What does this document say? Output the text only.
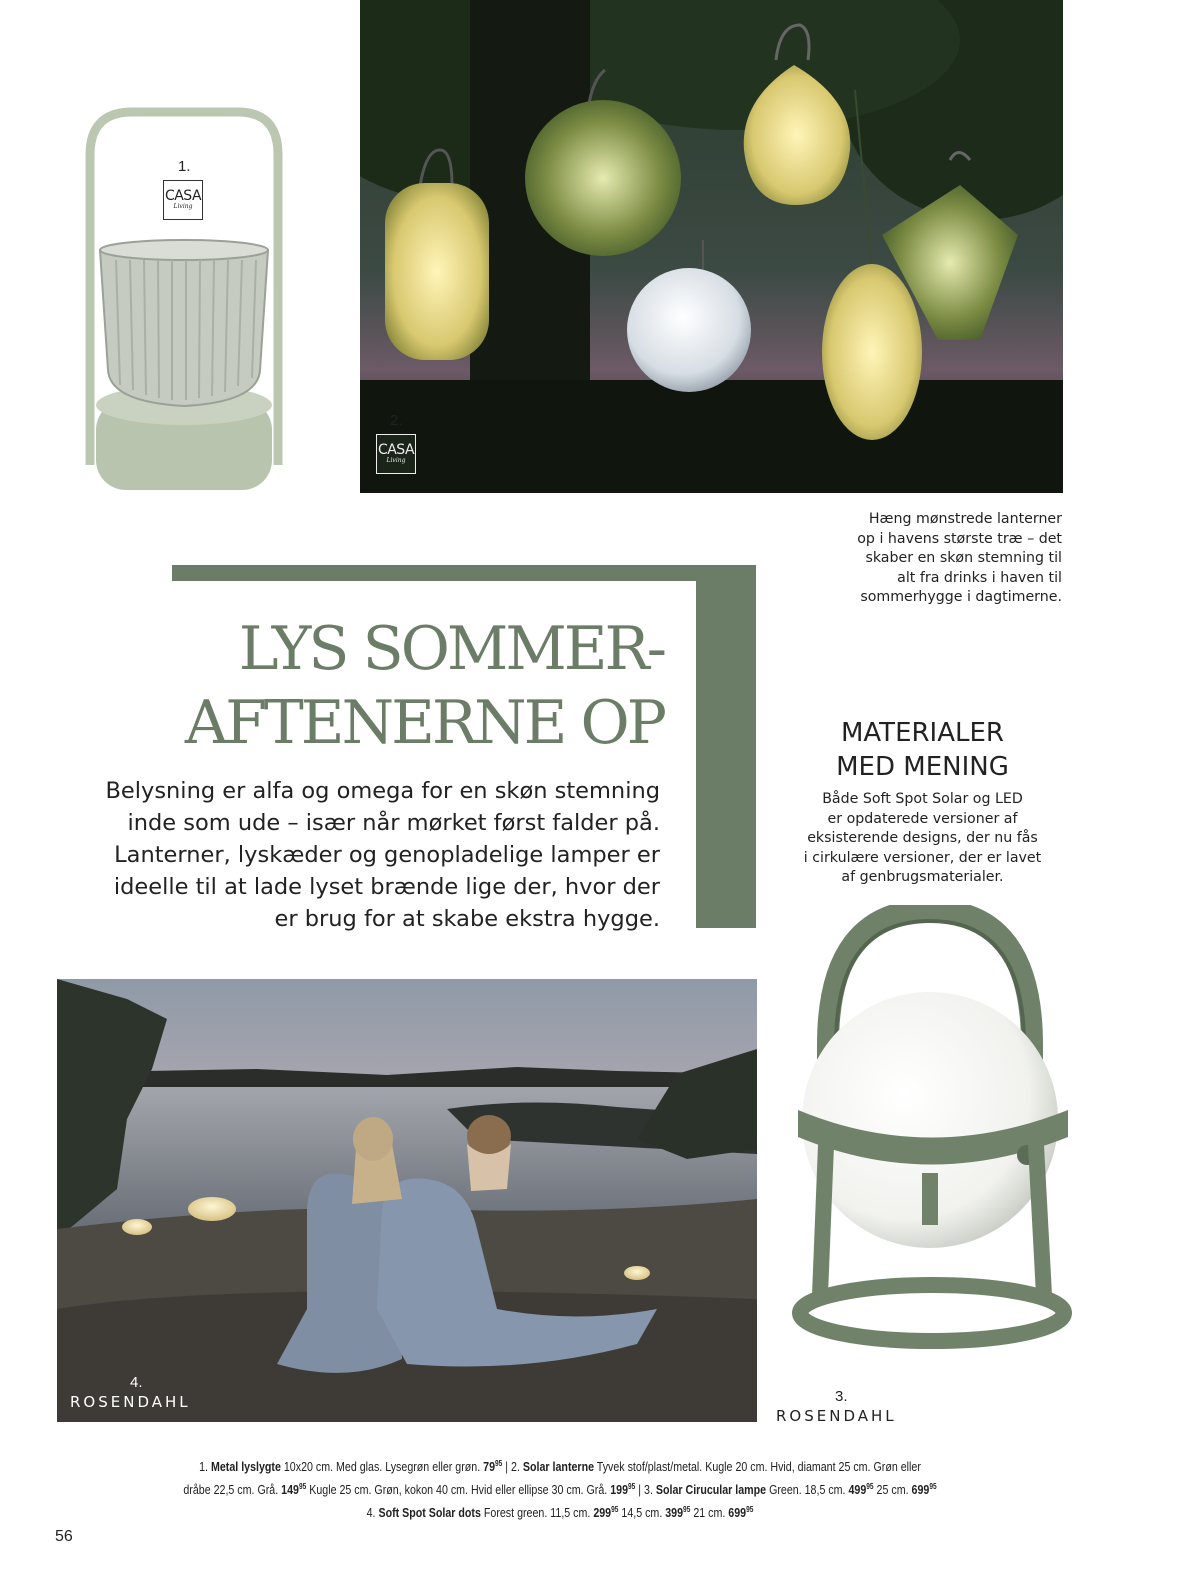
1.
CASA
Living
2.
CASA
Living
Hæng mønstrede lanterner
op i havens største træ – det
skaber en skøn stemning til
alt fra drinks i haven til
sommerhygge i dagtimerne.
LYS SOMMER-
AFTENERNE OP
Belysning er alfa og omega for en skøn stemning
inde som ude – især når mørket først falder på.
Lanterner, lyskæder og genopladelige lamper er
ideelle til at lade lyset brænde lige der, hvor der
er brug for at skabe ekstra hygge.
MATERIALER
MED MENING
Både Soft Spot Solar og LED
er opdaterede versioner af
eksisterende designs, der nu fås
i cirkulære versioner, der er lavet
af genbrugsmaterialer.
3.
ROSENDAHL
4.
ROSENDAHL
1. Metal lyslygte 10x20 cm. Med glas. Lysegrøn eller grøn. $79^{95}$ | 2. Solar lanterne Tyvek stof/plast/metal. Kugle 20 cm. Hvid, diamant 25 cm. Grøn eller
dråbe 22,5 cm. Grå. $149^{95}$ Kugle 25 cm. Grøn, kokon 40 cm. Hvid eller ellipse 30 cm. Grå. $199^{95}$ | 3. Solar Cirucular lampe Green. 18,5 cm. $499^{95}$ 25 cm. $699^{95}$
4. Soft Spot Solar dots Forest green. 11,5 cm. $299^{95}$ 14,5 cm. $399^{95}$ 21 cm. $699^{95}$
56
